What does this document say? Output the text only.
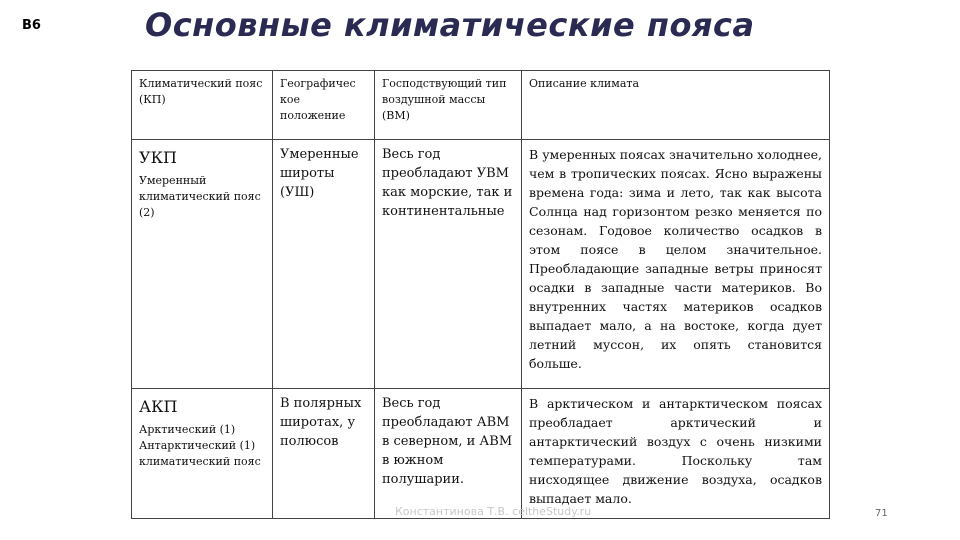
В6	Основные климатические пояса
Климатический пояс (КП)	Географичес кое положение	Господствующий тип воздушной массы (ВМ)	Описание климата

УКП
Умеренный климатический пояс (2)	Умеренные широты (УШ)	Весь год преобладают УВМ как морские, так и континентальные	В умеренных поясах значительно холоднее, чем в тропических поясах. Ясно выражены времена года: зима и лето, так как высота Солнца над горизонтом резко меняется по сезонам. Годовое количество осадков в этом поясе в целом значительное. Преобладающие западные ветры приносят осадки в западные части материков. Во внутренних частях материков осадков выпадает мало, а на востоке, когда дует летний муссон, их опять становится больше.

АКП
Арктический (1) Антарктический (1) климатический пояс	В полярных широтах, у полюсов	Весь год преобладают АВМ в северном, и АВМ в южном полушарии.	В арктическом и антарктическом поясах преобладает арктический и антарктический воздух с очень низкими температурами. Поскольку там нисходящее движение воздуха, осадков выпадает мало.
Константинова Т.В. celtheStudy.ru	71
